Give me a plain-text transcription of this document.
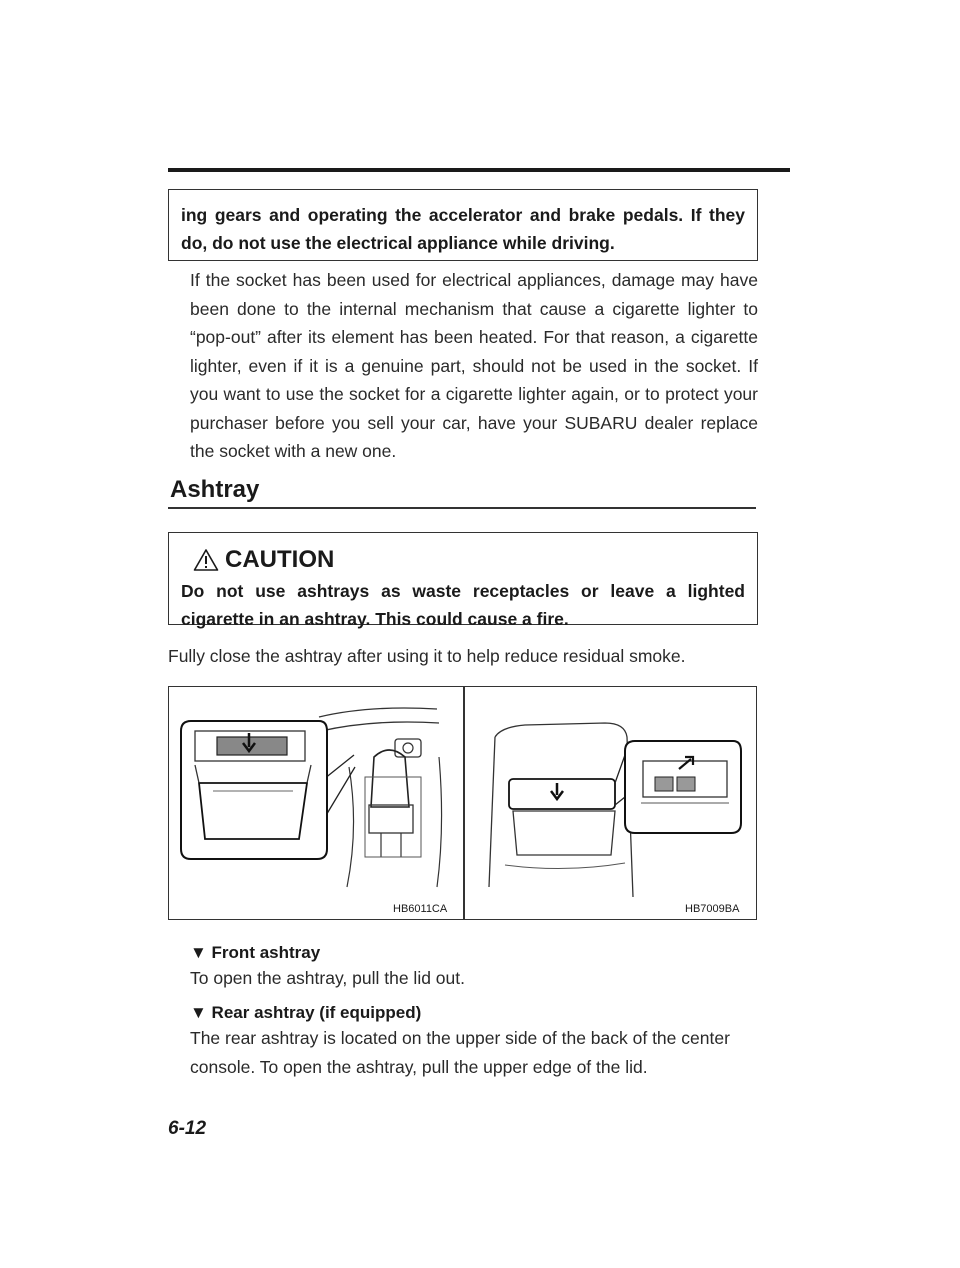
ing gears and operating the accelerator and brake pedals. If they do, do not use the electrical appliance while driving.

If the socket has been used for electrical appliances, damage may have been done to the internal mechanism that cause a cigarette lighter to “pop-out” after its element has been heated. For that reason, a cigarette lighter, even if it is a genuine part, should not be used in the socket. If you want to use the socket for a cigarette lighter again, or to protect your purchaser before you sell your car, have your SUBARU dealer replace the socket with a new one.

Ashtray
CAUTION

Do not use ashtrays as waste receptacles or leave a lighted cigarette in an ashtray. This could cause a fire.

Fully close the ashtray after using it to help reduce residual smoke.

HB6011CA	HB7009BA

▼ Front ashtray

To open the ashtray, pull the lid out.

▼ Rear ashtray (if equipped)

The rear ashtray is located on the upper side of the back of the center console. To open the ashtray, pull the upper edge of the lid.

6-12
